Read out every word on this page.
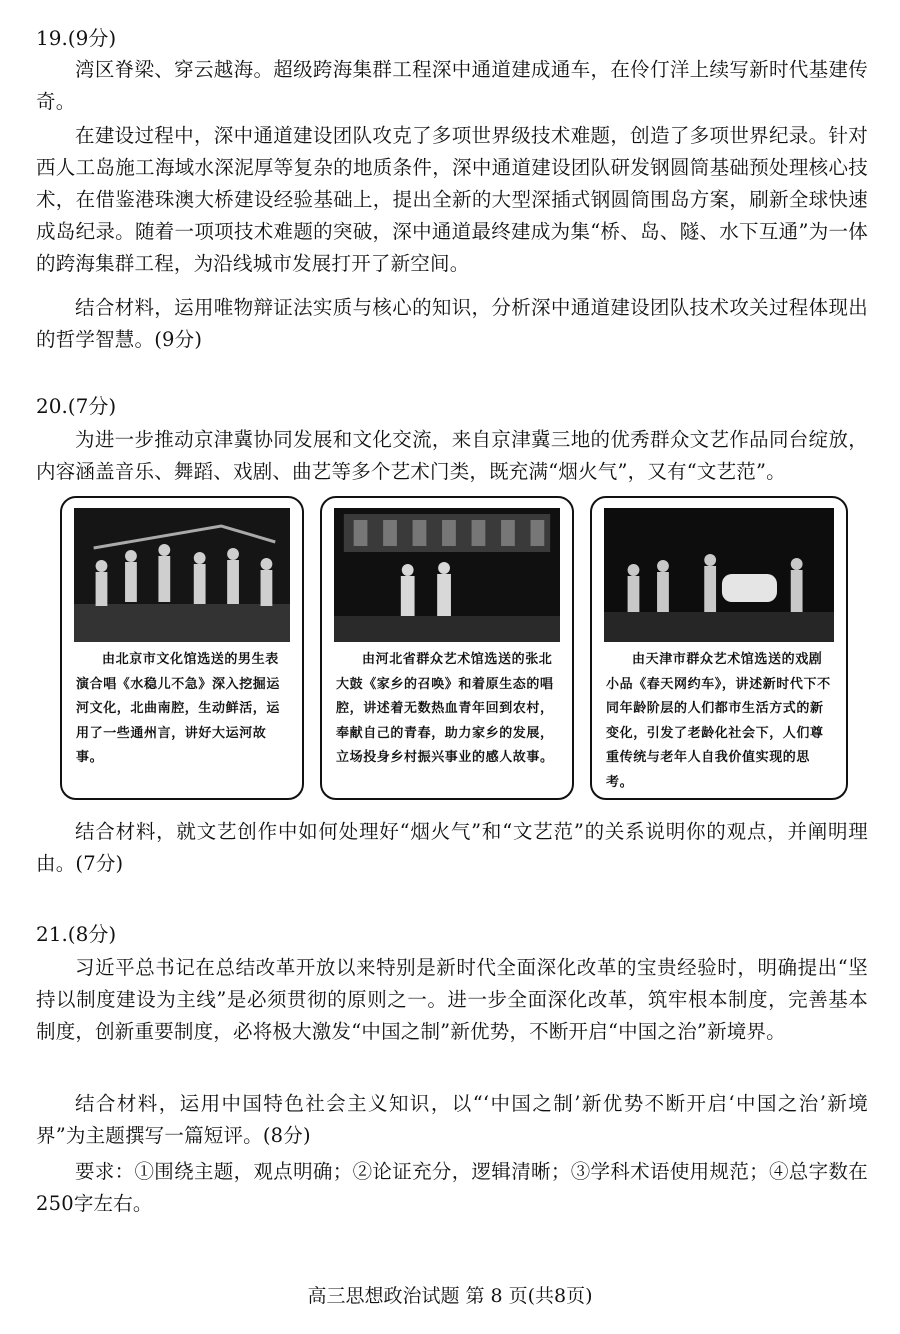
19.(9分)

湾区脊梁、穿云越海。超级跨海集群工程深中通道建成通车，在伶仃洋上续写新时代基建传奇。

在建设过程中，深中通道建设团队攻克了多项世界级技术难题，创造了多项世界纪录。针对西人工岛施工海域水深泥厚等复杂的地质条件，深中通道建设团队研发钢圆筒基础预处理核心技术，在借鉴港珠澳大桥建设经验基础上，提出全新的大型深插式钢圆筒围岛方案，刷新全球快速成岛纪录。随着一项项技术难题的突破，深中通道最终建成为集“桥、岛、隧、水下互通”为一体的跨海集群工程，为沿线城市发展打开了新空间。

结合材料，运用唯物辩证法实质与核心的知识，分析深中通道建设团队技术攻关过程体现出的哲学智慧。(9分)

20.(7分)

为进一步推动京津冀协同发展和文化交流，来自京津冀三地的优秀群众文艺作品同台绽放，内容涵盖音乐、舞蹈、戏剧、曲艺等多个艺术门类，既充满“烟火气”，又有“文艺范”。

由北京市文化馆选送的男生表演合唱《水稳儿不急》深入挖掘运河文化，北曲南腔，生动鲜活，运用了一些通州言，讲好大运河故事。

由河北省群众艺术馆选送的张北大鼓《家乡的召唤》和着原生态的唱腔，讲述着无数热血青年回到农村，奉献自己的青春，助力家乡的发展，立场投身乡村振兴事业的感人故事。

由天津市群众艺术馆选送的戏剧小品《春天网约车》，讲述新时代下不同年龄阶层的人们都市生活方式的新变化，引发了老龄化社会下，人们尊重传统与老年人自我价值实现的思考。

结合材料，就文艺创作中如何处理好“烟火气”和“文艺范”的关系说明你的观点，并阐明理由。(7分)

21.(8分)

习近平总书记在总结改革开放以来特别是新时代全面深化改革的宝贵经验时，明确提出“坚持以制度建设为主线”是必须贯彻的原则之一。进一步全面深化改革，筑牢根本制度，完善基本制度，创新重要制度，必将极大激发“中国之制”新优势，不断开启“中国之治”新境界。

结合材料，运用中国特色社会主义知识，以“‘中国之制’新优势不断开启‘中国之治’新境界”为主题撰写一篇短评。(8分)

要求：①围绕主题，观点明确；②论证充分，逻辑清晰；③学科术语使用规范；④总字数在250字左右。

高三思想政治试题 第 8 页(共8页)
